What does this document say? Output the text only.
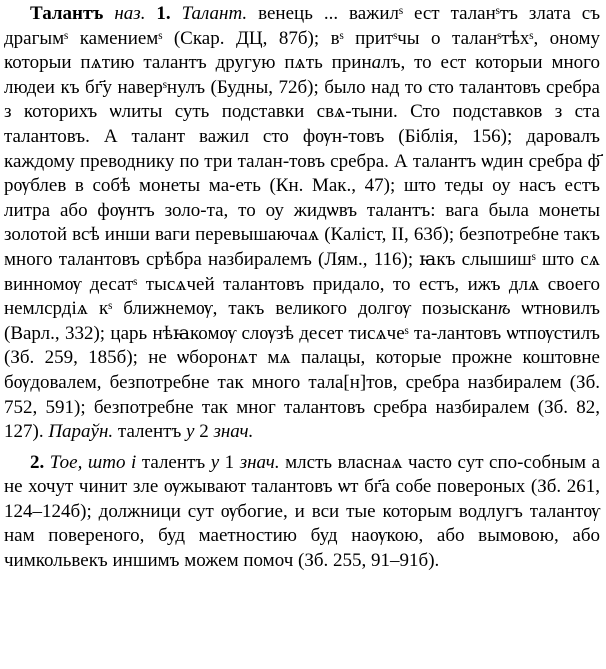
Талантъ наз. 1. Талант. венець ... важилˢ ест таланˢтъ злата съ драгымˢ камениемˢ (Скар. ДЦ, 87б); вˢ притˢчы о таланˢтѣхˢ, оному которыи пѧтию талантъ другую пѧть приналъ, то ест которыи много людеи къ бг҃у наверˢнулъ (Будны, 72б); было над то сто талантовъ сребра з которихъ ѡлиты суть подставки свѧ-тыни. Сто подставков з ста талантовъ. А талант важил сто фѹн-товъ (Біблія, 156); даровалъ каждому преводнику по три талан-товъ сребра. А талантъ ѡдин сребра ф҃ рѹблев в собѣ монеты ма-еть (Кн. Мак., 47); што теды оу насъ естъ литра або фѹнтъ золо-та, то оу жидѡвъ талантъ: вага была монеты золотой всѣ инши ваги перевышаючаѧ (Каліст, ІІ, 63б); безпотребне такъ много талантовъ срѣбра назбиралемъ (Лям., 116); ꙗкъ слышишˢ што сѧ винномѹ десатˢ тысѧчей талантовъ придало, то естъ, ижъ длѧ своего немлсрдіѧ кˢ ближнемѹ, такъ великого долгѹ позысканѣ ѡтновилъ (Варл., 332); царь нѣꙗкомѹ слѹзѣ десет тисѧчеˢ та-лантовъ ѡтпѹстилъ (Зб. 259, 185б); не ѡборонѧт мѧ палацы, которые прожне коштовне бѹдовалем, безпотребне так много тала[н]тов, сребра назбиралем (Зб. 752, 591); безпотребне так мног талантовъ сребра назбиралем (Зб. 82, 127). Параўн. талентъ у 2 знач.

2. Тое, што і талентъ у 1 знач. млсть власнаѧ часто сут спо-собным а не хочут чинит зле ѹжывают талантовъ ѡт бг҃а собе повероных (Зб. 261, 124–124б); должници сут ѹбогие, и вси тые которым водлугъ талантѹ нам повереного, буд маетностию буд наѹкою, або вымовою, або чимкольвекъ иншимъ можем помоч (Зб. 255, 91–91б).
